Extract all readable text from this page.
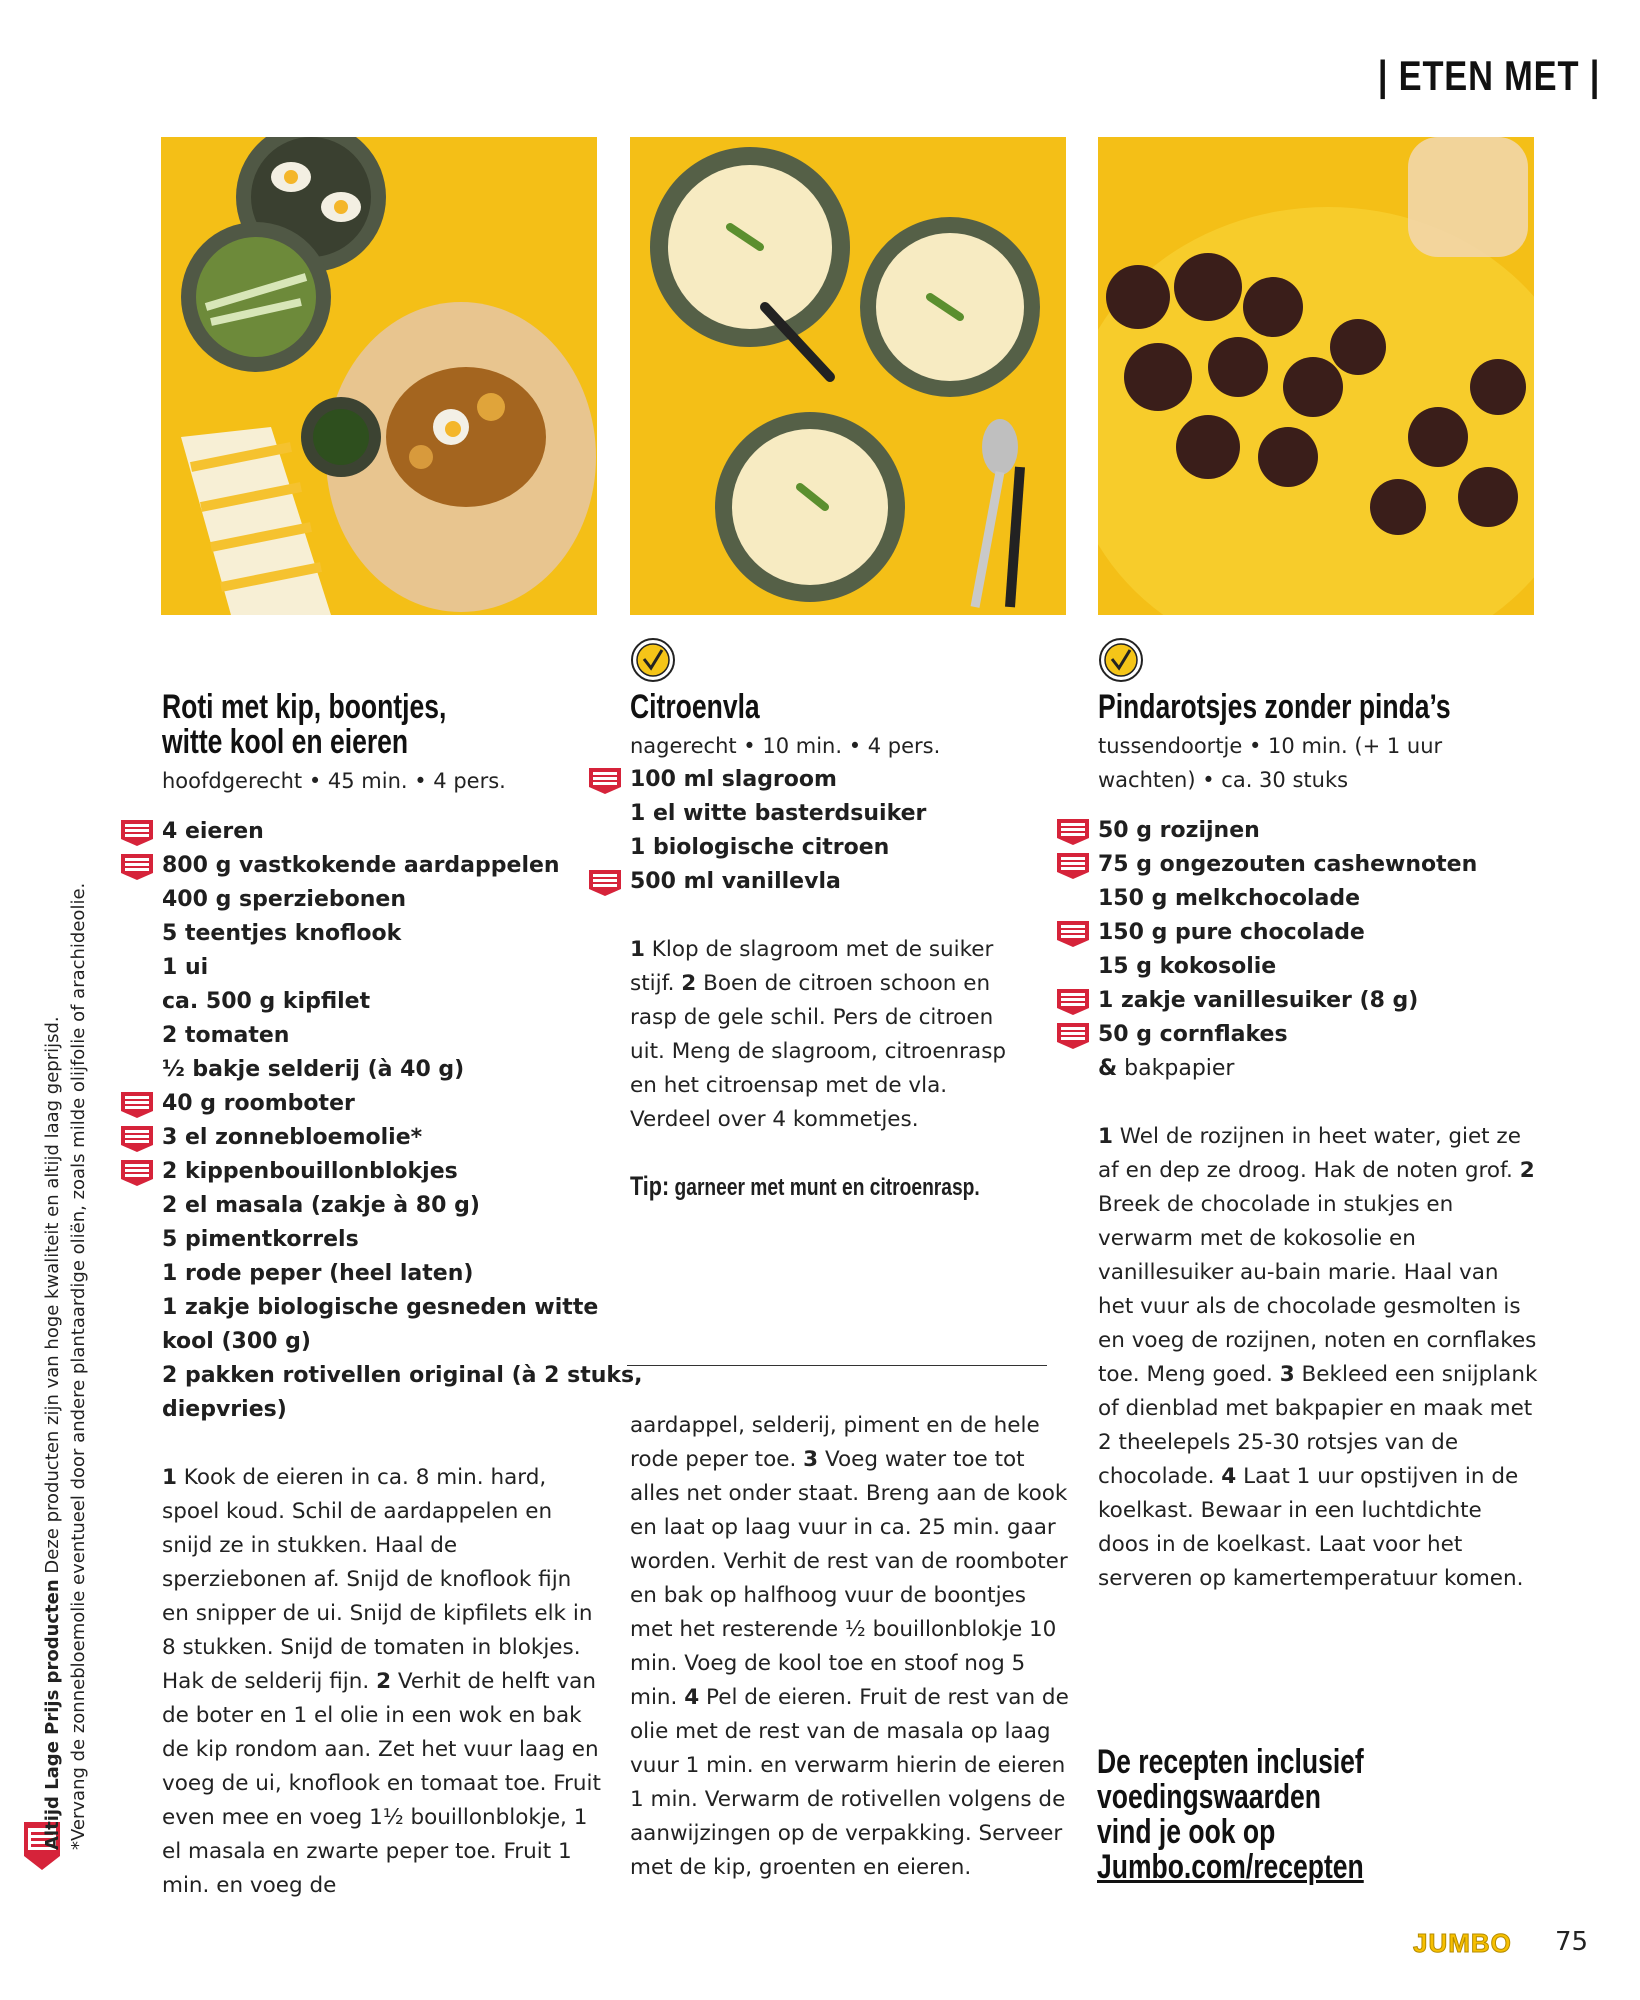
| ETEN MET |
Roti met kip, boontjes,
witte kool en eieren
hoofdgerecht • 45 min. • 4 pers.
4 eieren
800 g vastkokende aardappelen
400 g sperziebonen
5 teentjes knoflook
1 ui
ca. 500 g kipfilet
2 tomaten
½ bakje selderij (à 40 g)
40 g roomboter
3 el zonnebloemolie*
2 kippenbouillonblokjes
2 el masala (zakje à 80 g)
5 pimentkorrels
1 rode peper (heel laten)
1 zakje biologische gesneden witte
kool (300 g)
2 pakken rotivellen original (à 2 stuks,
diepvries)
1 Kook de eieren in ca. 8 min. hard, spoel koud. Schil de aardappelen en snijd ze in stukken. Haal de sperziebonen af. Snijd de knoflook fijn en snipper de ui. Snijd de kipfilets elk in 8 stukken. Snijd de tomaten in blokjes. Hak de selderij fijn. 2 Verhit de helft van de boter en 1 el olie in een wok en bak de kip rondom aan. Zet het vuur laag en voeg de ui, knoflook en tomaat toe. Fruit even mee en voeg 1½ bouillonblokje, 1 el masala en zwarte peper toe. Fruit 1 min. en voeg de
Citroenvla
nagerecht • 10 min. • 4 pers.
100 ml slagroom
1 el witte basterdsuiker
1 biologische citroen
500 ml vanillevla
1 Klop de slagroom met de suiker stijf. 2 Boen de citroen schoon en rasp de gele schil. Pers de citroen uit. Meng de slagroom, citroenrasp en het citroensap met de vla. Verdeel over 4 kommetjes.
Tip: garneer met munt en citroenrasp.
aardappel, selderij, piment en de hele rode peper toe. 3 Voeg water toe tot alles net onder staat. Breng aan de kook en laat op laag vuur in ca. 25 min. gaar worden. Verhit de rest van de roomboter en bak op halfhoog vuur de boontjes met het resterende ½ bouillonblokje 10 min. Voeg de kool toe en stoof nog 5 min. 4 Pel de eieren. Fruit de rest van de olie met de rest van de masala op laag vuur 1 min. en verwarm hierin de eieren 1 min. Verwarm de rotivellen volgens de aanwijzingen op de verpakking. Serveer met de kip, groenten en eieren.
Pindarotsjes zonder pinda’s
tussendoortje • 10 min. (+ 1 uur wachten) • ca. 30 stuks
50 g rozijnen
75 g ongezouten cashewnoten
150 g melkchocolade
150 g pure chocolade
15 g kokosolie
1 zakje vanillesuiker (8 g)
50 g cornflakes
& bakpapier
1 Wel de rozijnen in heet water, giet ze af en dep ze droog. Hak de noten grof. 2 Breek de chocolade in stukjes en verwarm met de kokosolie en vanillesuiker au-bain marie. Haal van het vuur als de chocolade gesmolten is en voeg de rozijnen, noten en cornflakes toe. Meng goed. 3 Bekleed een snijplank of dienblad met bakpapier en maak met 2 theelepels 25-30 rotsjes van de chocolade. 4 Laat 1 uur opstijven in de koelkast. Bewaar in een luchtdichte doos in de koelkast. Laat voor het serveren op kamertemperatuur komen.
De recepten inclusief
voedingswaarden
vind je ook op
Jumbo.com/recepten
Altijd Lage Prijs producten Deze producten zijn van hoge kwaliteit en altijd laag geprijsd. *Vervang de zonnebloemolie eventueel door andere plantaardige oliën, zoals milde olijfolie of arachideolie.
JUMBO 75
